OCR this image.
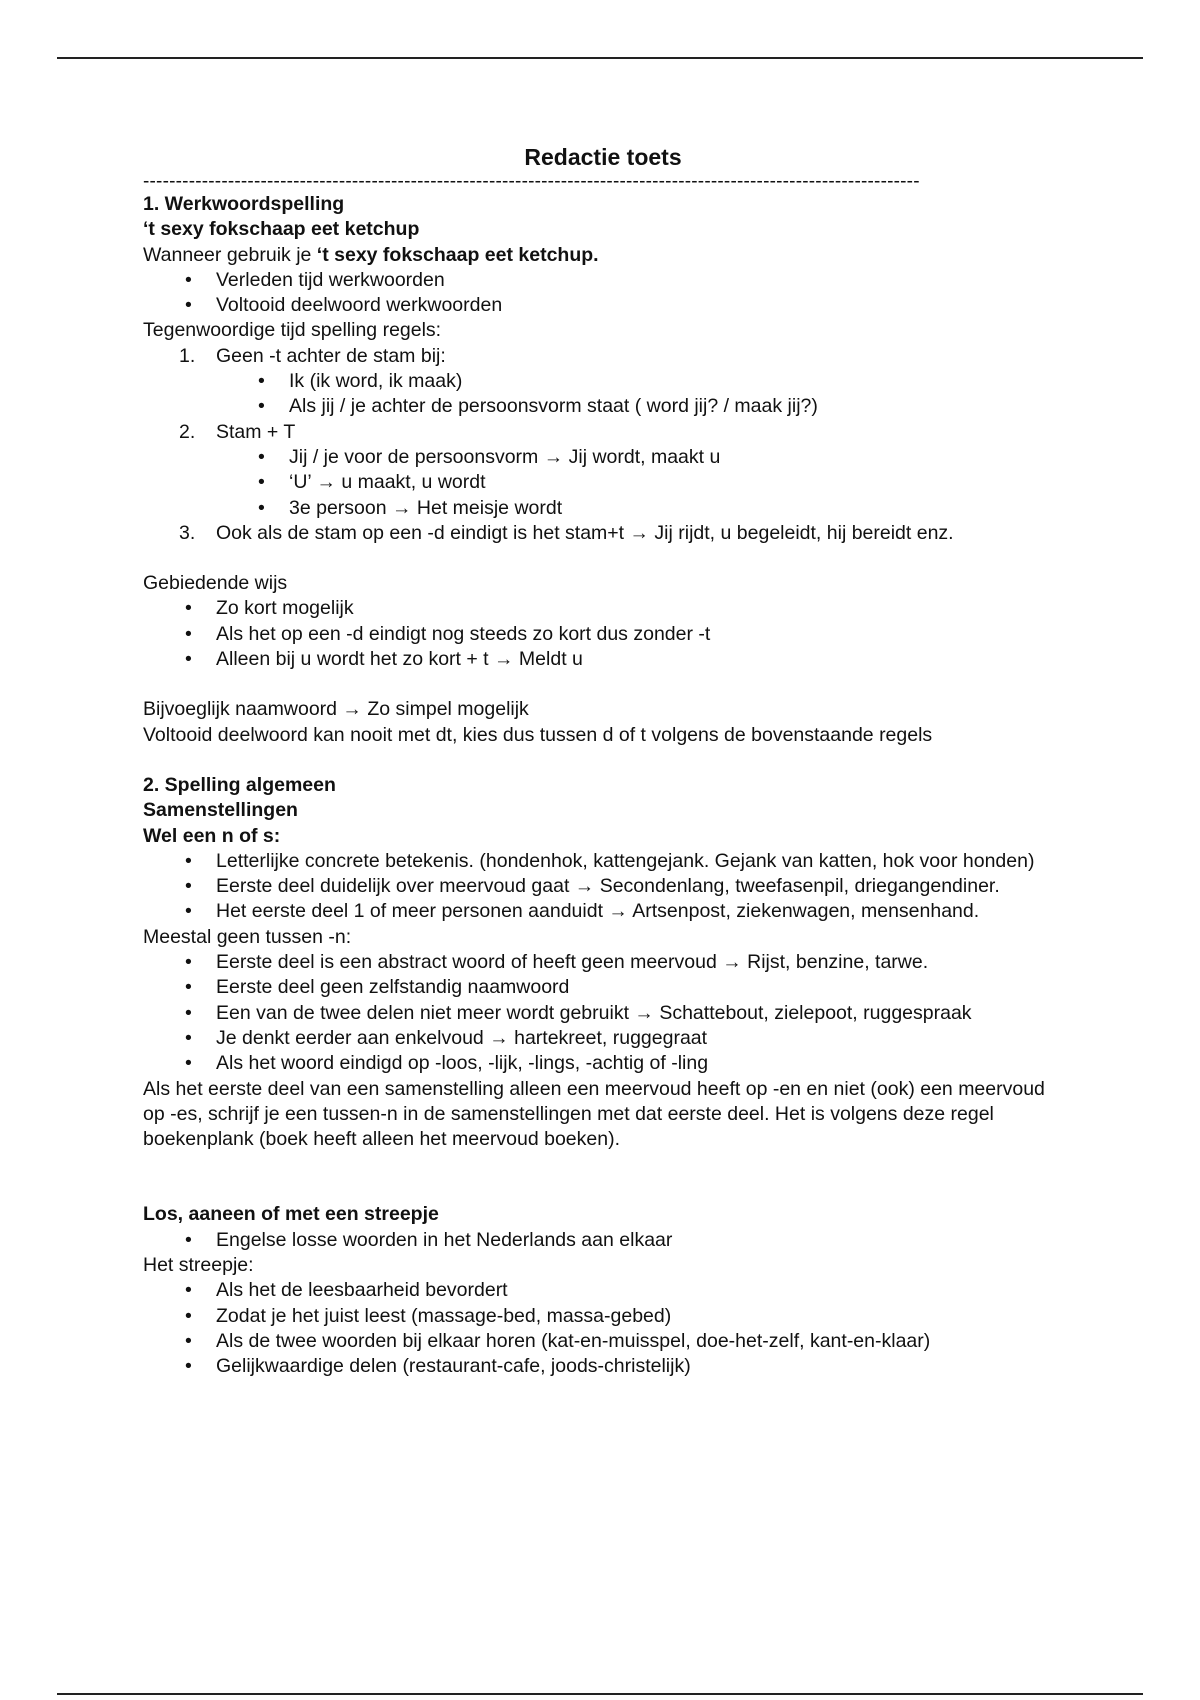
Redactie toets
-----------------------------------------------------------------------------------------------------------------------

1. Werkwoordspelling

‘t sexy fokschaap eet ketchup

Wanneer gebruik je ‘t sexy fokschaap eet ketchup.

• Verleden tijd werkwoorden
• Voltooid deelwoord werkwoorden

Tegenwoordige tijd spelling regels:

1. Geen -t achter de stam bij:
• Ik (ik word, ik maak)
• Als jij / je achter de persoonsvorm staat ( word jij? / maak jij?)
2. Stam + T
• Jij / je voor de persoonsvorm → Jij wordt, maakt u
• ‘U’ → u maakt, u wordt
• 3e persoon → Het meisje wordt
3. Ook als de stam op een -d eindigt is het stam+t → Jij rijdt, u begeleidt, hij bereidt enz.

Gebiedende wijs

• Zo kort mogelijk
• Als het op een -d eindigt nog steeds zo kort dus zonder -t
• Alleen bij u wordt het zo kort + t → Meldt u

Bijvoeglijk naamwoord → Zo simpel mogelijk

Voltooid deelwoord kan nooit met dt, kies dus tussen d of t volgens de bovenstaande regels

2. Spelling algemeen

Samenstellingen

Wel een n of s:

• Letterlijke concrete betekenis. (hondenhok, kattengejank. Gejank van katten, hok voor honden)
• Eerste deel duidelijk over meervoud gaat → Secondenlang, tweefasenpil, driegangendiner.
• Het eerste deel 1 of meer personen aanduidt → Artsenpost, ziekenwagen, mensenhand.

Meestal geen tussen -n:

• Eerste deel is een abstract woord of heeft geen meervoud → Rijst, benzine, tarwe.
• Eerste deel geen zelfstandig naamwoord
• Een van de twee delen niet meer wordt gebruikt → Schattebout, zielepoot, ruggespraak
• Je denkt eerder aan enkelvoud → hartekreet, ruggegraat
• Als het woord eindigd op -loos, -lijk, -lings, -achtig of -ling

Als het eerste deel van een samenstelling alleen een meervoud heeft op -en en niet (ook) een meervoud op -es, schrijf je een tussen-n in de samenstellingen met dat eerste deel. Het is volgens deze regel boekenplank (boek heeft alleen het meervoud boeken).

Los, aaneen of met een streepje

• Engelse losse woorden in het Nederlands aan elkaar

Het streepje:

• Als het de leesbaarheid bevordert
• Zodat je het juist leest (massage-bed, massa-gebed)
• Als de twee woorden bij elkaar horen (kat-en-muisspel, doe-het-zelf, kant-en-klaar)
• Gelijkwaardige delen (restaurant-cafe, joods-christelijk)
